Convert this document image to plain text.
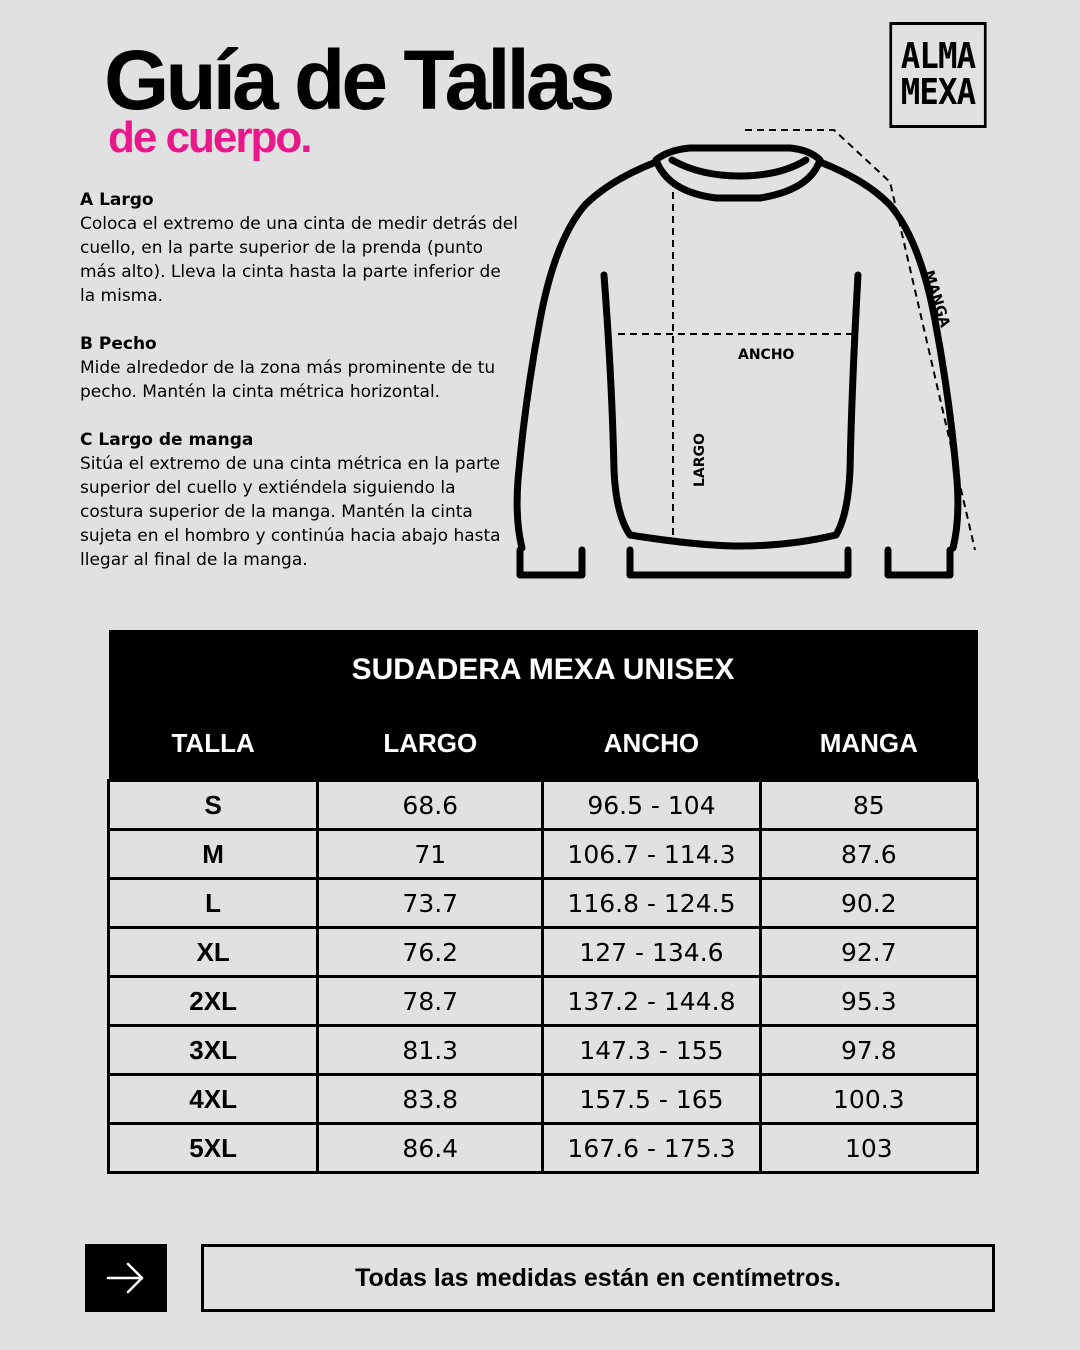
Guía de Tallas
de cuerpo.
ALMA
MEXA
A Largo

Coloca el extremo de una cinta de medir detrás del cuello, en la parte superior de la prenda (punto más alto). Lleva la cinta hasta la parte inferior de la misma.

B Pecho

Mide alrededor de la zona más prominente de tu pecho. Mantén la cinta métrica horizontal.

C Largo de manga

Sitúa el extremo de una cinta métrica en la parte superior del cuello y extiéndela siguiendo la costura superior de la manga. Mantén la cinta sujeta en el hombro y continúa hacia abajo hasta llegar al final de la manga.

ANCHO
LARGO
MANGA
SUDADERA MEXA UNISEX			
TALLA	LARGO	ANCHO	MANGA
S	68.6	96.5 - 104	85
M	71	106.7 - 114.3	87.6
L	73.7	116.8 - 124.5	90.2
XL	76.2	127 - 134.6	92.7
2XL	78.7	137.2 - 144.8	95.3
3XL	81.3	147.3 - 155	97.8
4XL	83.8	157.5 - 165	100.3
5XL	86.4	167.6 - 175.3	103
Todas las medidas están en centímetros.
